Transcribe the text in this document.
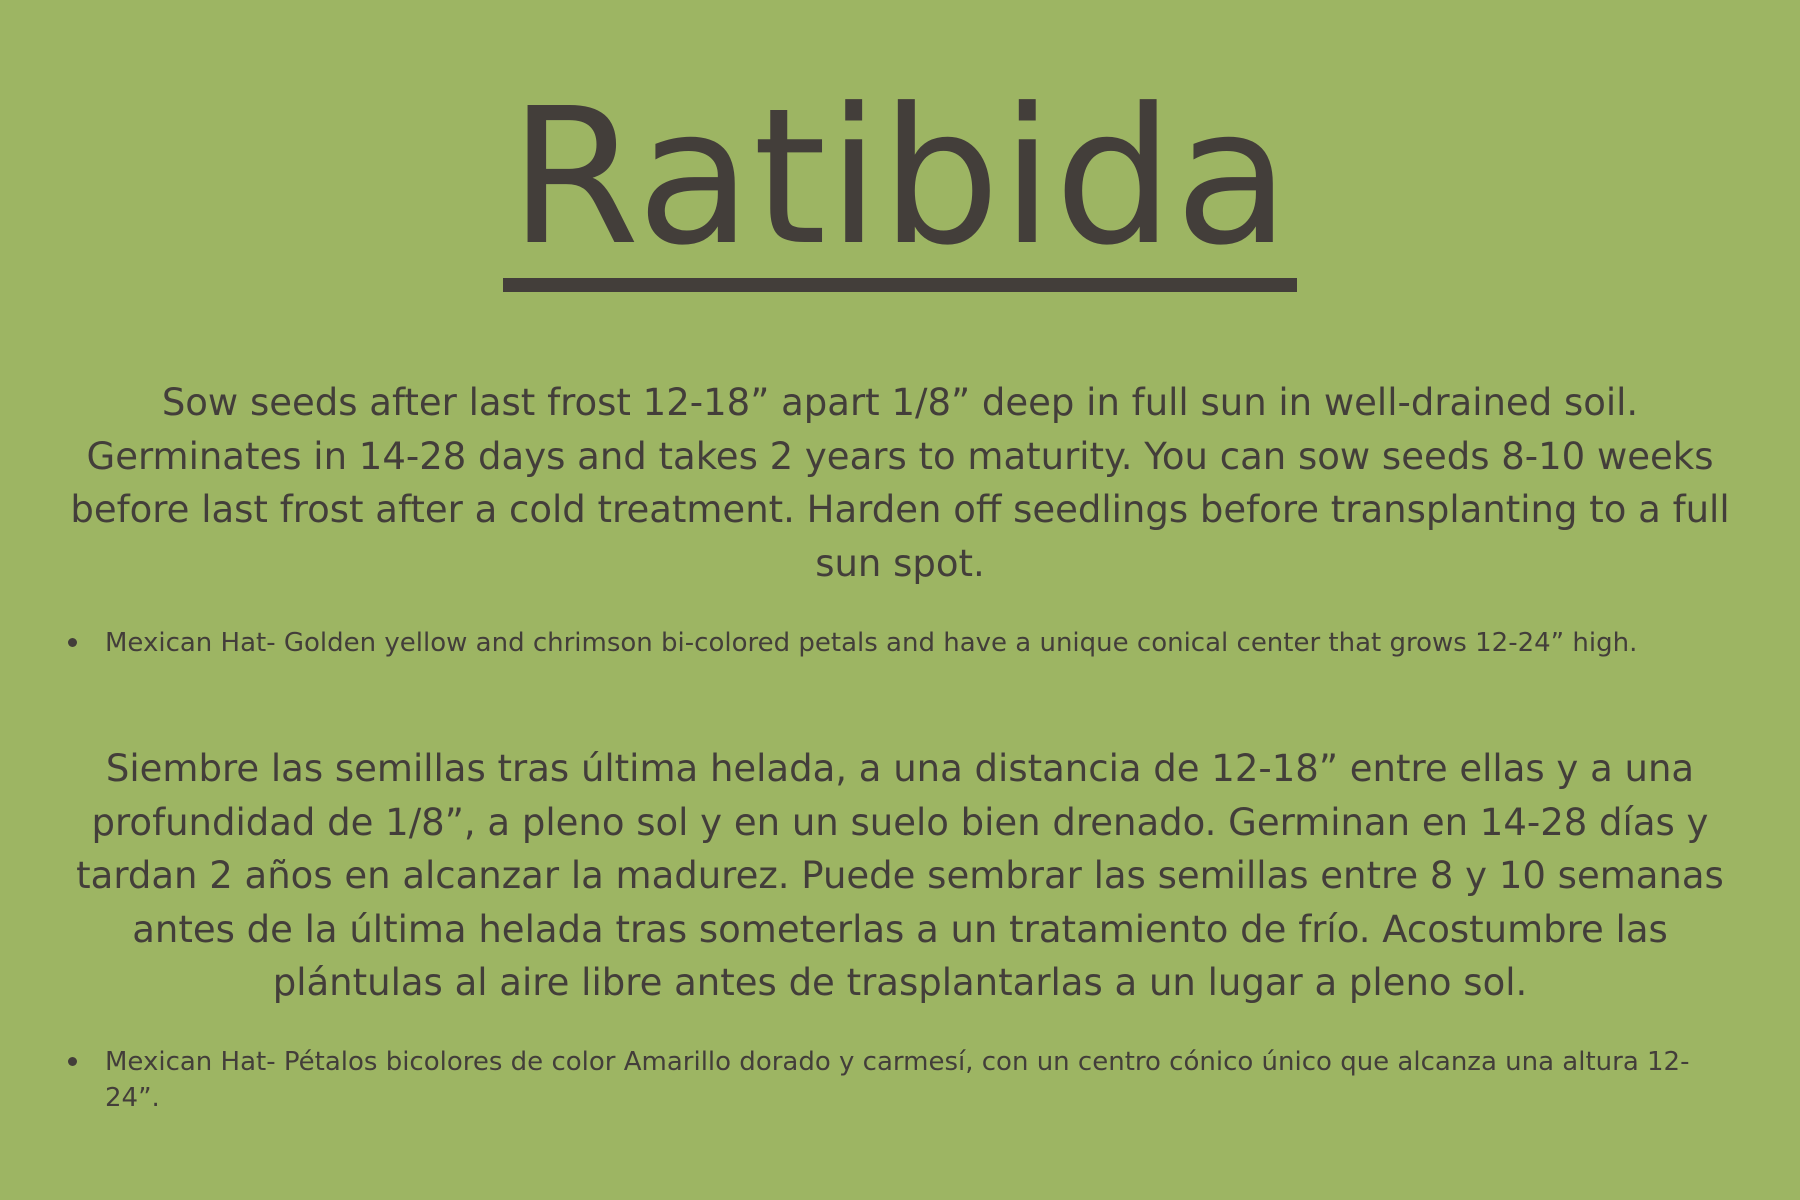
Ratibida

Sow seeds after last frost 12-18” apart 1/8” deep in full sun in well-drained soil. Germinates in 14-28 days and takes 2 years to maturity. You can sow seeds 8-10 weeks before last frost after a cold treatment. Harden off seedlings before transplanting to a full sun spot.

Mexican Hat- Golden yellow and chrimson bi-colored petals and have a unique conical center that grows 12-24” high.

Siembre las semillas tras última helada, a una distancia de 12-18” entre ellas y a una profundidad de 1/8”, a pleno sol y en un suelo bien drenado. Germinan en 14-28 días y tardan 2 años en alcanzar la madurez. Puede sembrar las semillas entre 8 y 10 semanas antes de la última helada tras someterlas a un tratamiento de frío. Acostumbre las plántulas al aire libre antes de trasplantarlas a un lugar a pleno sol.

Mexican Hat- Pétalos bicolores de color Amarillo dorado y carmesí, con un centro cónico único que alcanza una altura 12-24”.
